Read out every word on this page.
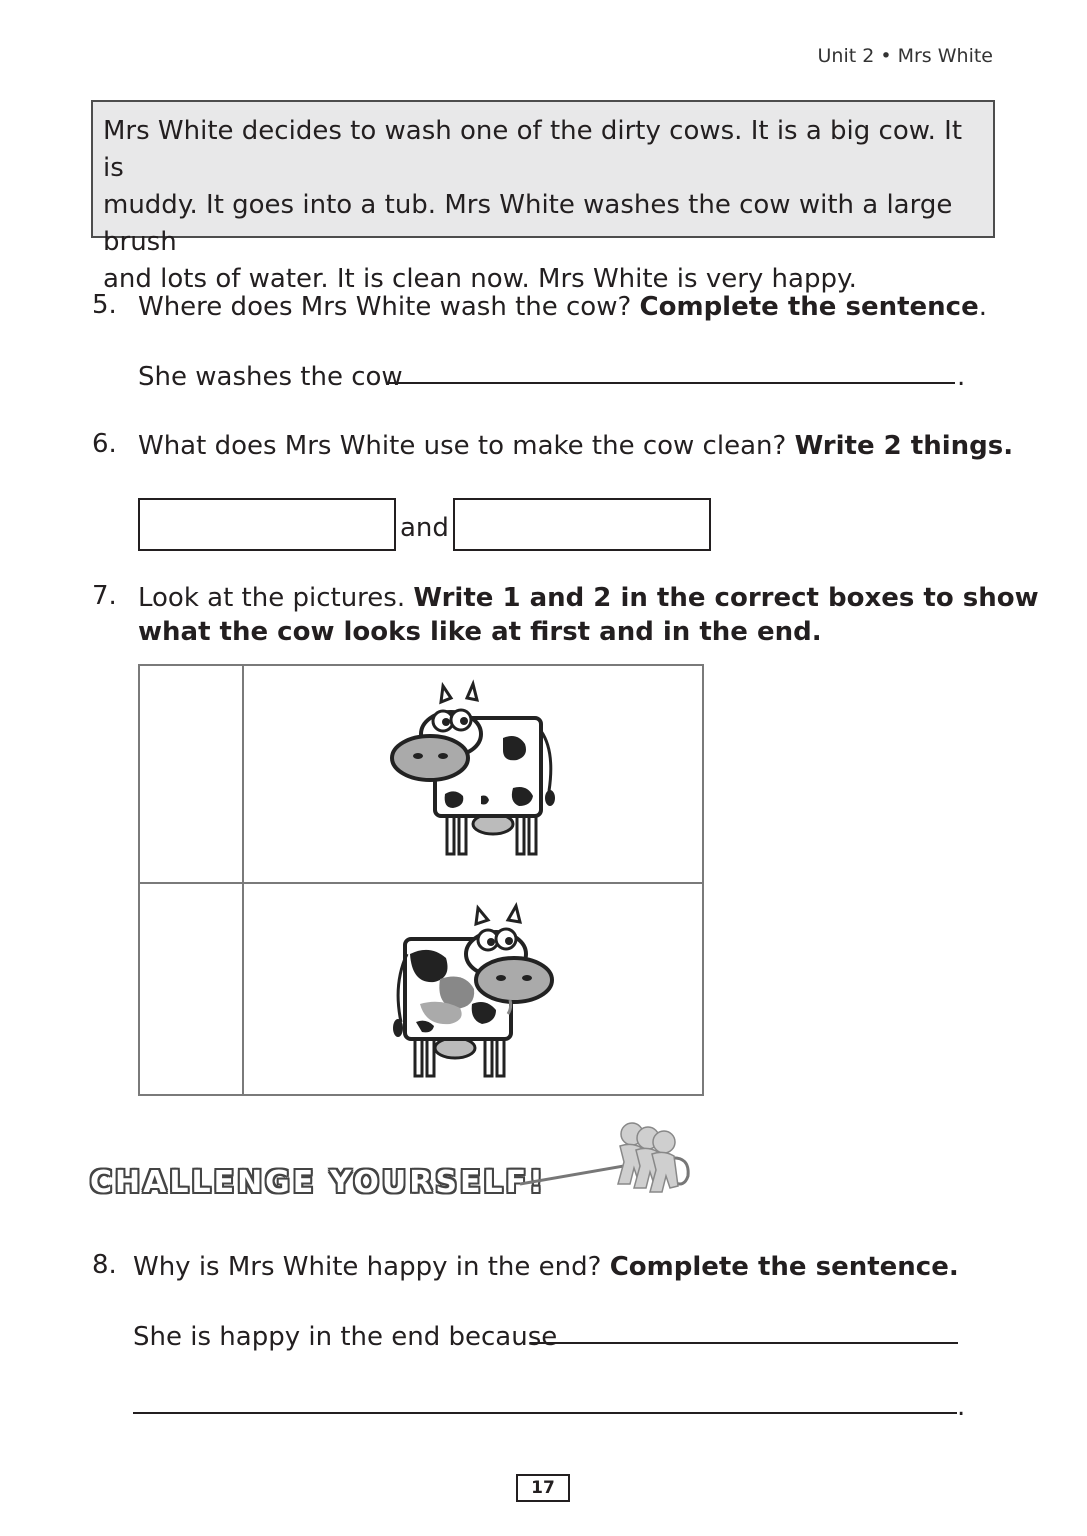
Unit 2 • Mrs White
Mrs White decides to wash one of the dirty cows. It is a big cow. It is
muddy. It goes into a tub. Mrs White washes the cow with a large brush
and lots of water. It is clean now. Mrs White is very happy.
5. Where does Mrs White wash the cow? Complete the sentence.
She washes the cow	.
6. What does Mrs White use to make the cow clean? Write 2 things.
and
7. Look at the pictures. Write 1 and 2 in the correct boxes to show
what the cow looks like at first and in the end.
CHALLENGE YOURSELF!
8. Why is Mrs White happy in the end? Complete the sentence.
She is happy in the end because
.
17
